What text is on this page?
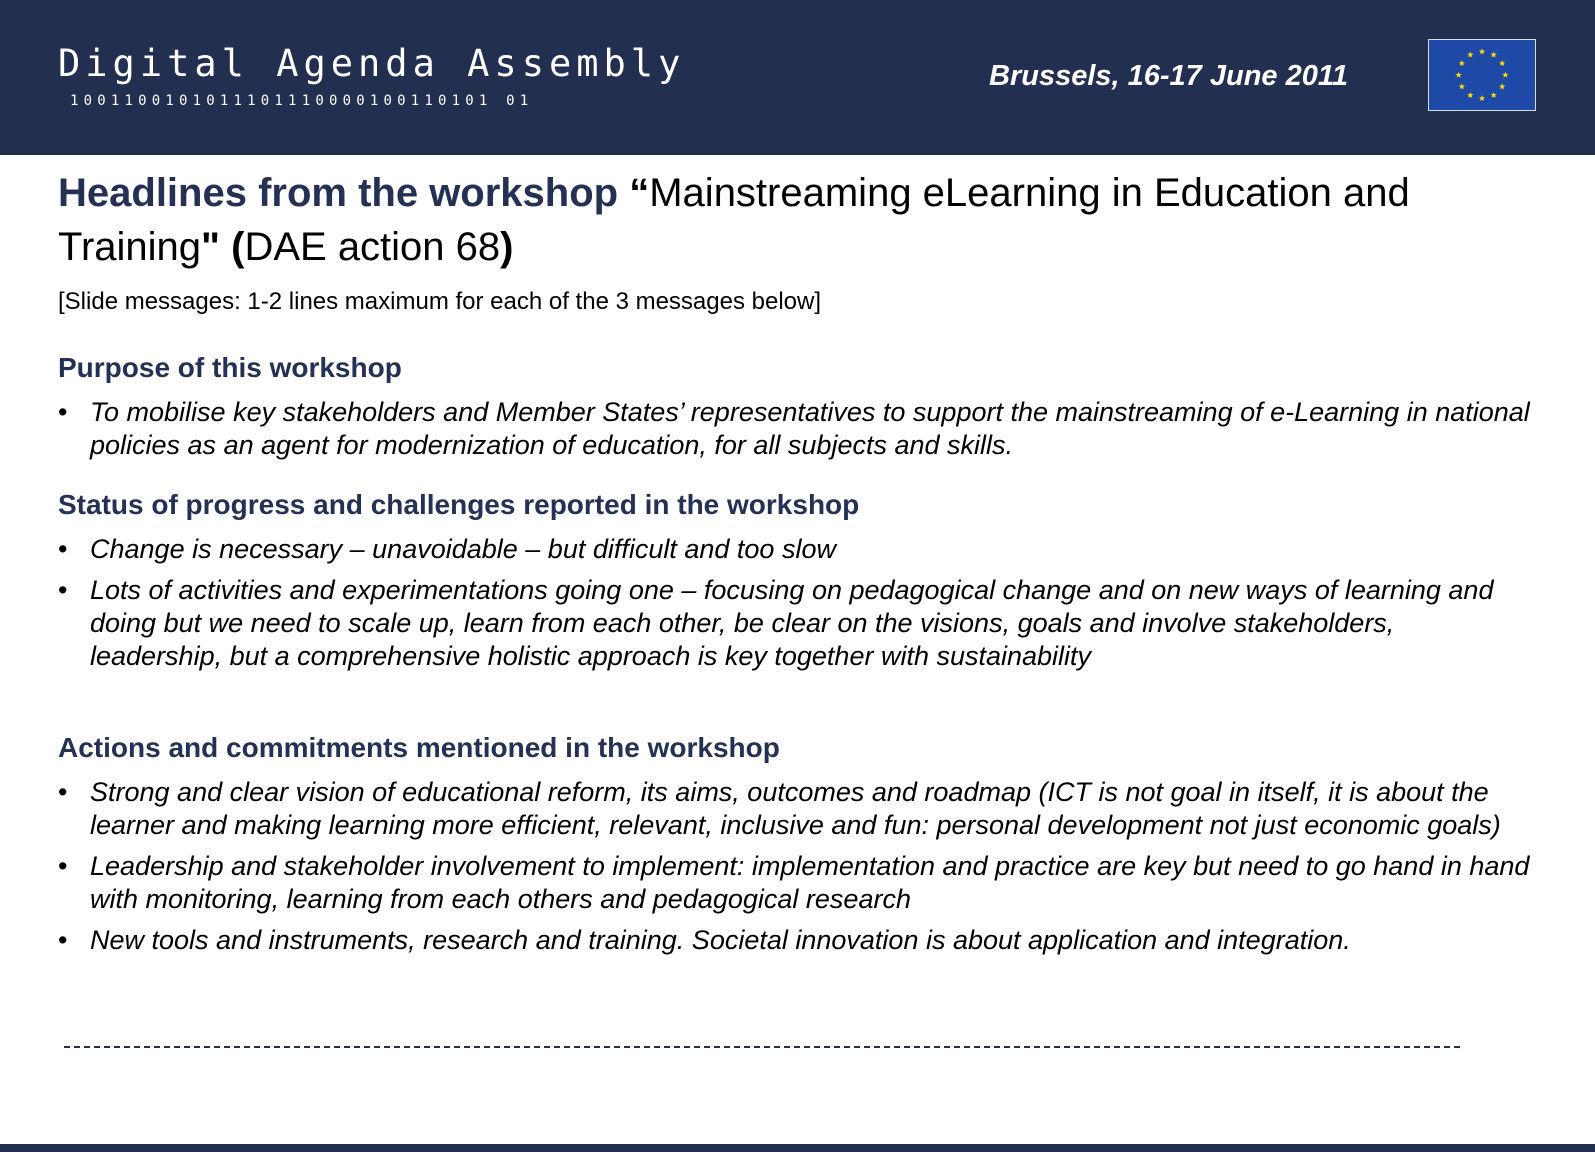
Digital Agenda Assembly
1001100101011101110000100110101 01
Brussels, 16-17 June 2011
Headlines from the workshop “Mainstreaming eLearning in Education and Training" (DAE action 68)
[Slide messages: 1-2 lines maximum for each of the 3 messages below]
Purpose of this workshop
• To mobilise key stakeholders and Member States’ representatives to support the mainstreaming of e-Learning in national policies as an agent for modernization of education, for all subjects and skills.
Status of progress and challenges reported in the workshop
• Change is necessary – unavoidable – but difficult and too slow
• Lots of activities and experimentations going one – focusing on pedagogical change and on new ways of learning and doing but we need to scale up, learn from each other, be clear on the visions, goals and involve stakeholders, leadership, but a comprehensive holistic approach is key together with sustainability
Actions and commitments mentioned in the workshop
• Strong and clear vision of educational reform, its aims, outcomes and roadmap (ICT is not goal in itself, it is about the learner and making learning more efficient, relevant, inclusive and fun: personal development not just economic goals)
• Leadership and stakeholder involvement to implement: implementation and practice are key but need to go hand in hand with monitoring, learning from each others and pedagogical research
• New tools and instruments, research and training. Societal innovation is about application and integration.
